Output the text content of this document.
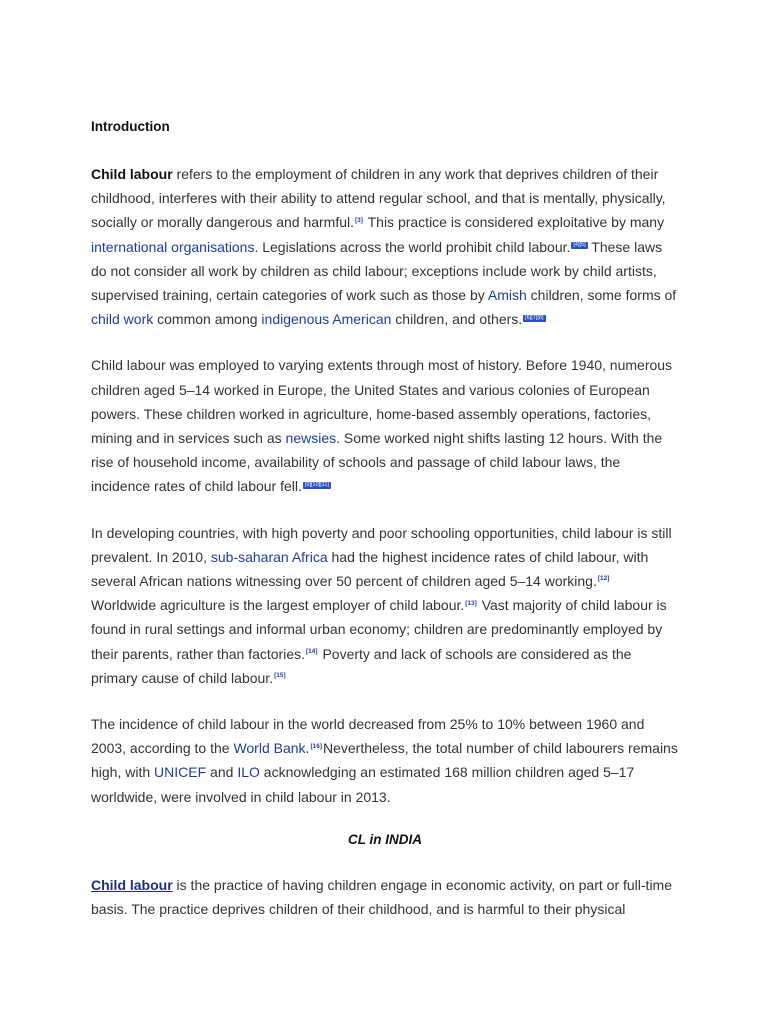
Introduction

Child labour refers to the employment of children in any work that deprives children of their childhood, interferes with their ability to attend regular school, and that is mentally, physically, socially or morally dangerous and harmful.[3] This practice is considered exploitative by many international organisations. Legislations across the world prohibit child labour. [4][5] These laws do not consider all work by children as child labour; exceptions include work by child artists, supervised training, certain categories of work such as those by Amish children, some forms of child work common among indigenous American children, and others. [6][7][8]

Child labour was employed to varying extents through most of history. Before 1940, numerous children aged 5–14 worked in Europe, the United States and various colonies of European powers. These children worked in agriculture, home-based assembly operations, factories, mining and in services such as newsies. Some worked night shifts lasting 12 hours. With the rise of household income, availability of schools and passage of child labour laws, the incidence rates of child labour fell. [9][10][11]

In developing countries, with high poverty and poor schooling opportunities, child labour is still prevalent. In 2010, sub-saharan Africa had the highest incidence rates of child labour, with several African nations witnessing over 50 percent of children aged 5–14 working.[12] Worldwide agriculture is the largest employer of child labour.[13] Vast majority of child labour is found in rural settings and informal urban economy; children are predominantly employed by their parents, rather than factories.[14] Poverty and lack of schools are considered as the primary cause of child labour.[15]

The incidence of child labour in the world decreased from 25% to 10% between 1960 and 2003, according to the World Bank.[16]Nevertheless, the total number of child labourers remains high, with UNICEF and ILO acknowledging an estimated 168 million children aged 5–17 worldwide, were involved in child labour in 2013.

CL in INDIA

Child labour is the practice of having children engage in economic activity, on part or full-time basis. The practice deprives children of their childhood, and is harmful to their physical
